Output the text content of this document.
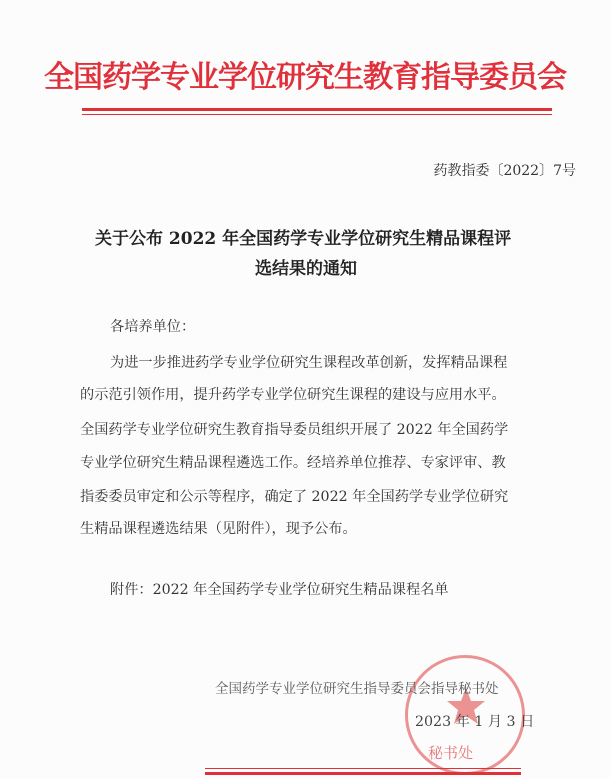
全国药学专业学位研究生教育指导委员会
药教指委〔2022〕7号
关于公布 2022 年全国药学专业学位研究生精品课程评
选结果的通知
各培养单位：
为进一步推进药学专业学位研究生课程改革创新，发挥精品课程
的示范引领作用，提升药学专业学位研究生课程的建设与应用水平。
全国药学专业学位研究生教育指导委员组织开展了 2022 年全国药学
专业学位研究生精品课程遴选工作。经培养单位推荐、专家评审、教
指委委员审定和公示等程序，确定了 2022 年全国药学专业学位研究
生精品课程遴选结果（见附件），现予公布。
附件：2022 年全国药学专业学位研究生精品课程名单
秘书处
全国药学专业学位研究生指导委员会指导秘书处
2023 年 1 月 3 日
